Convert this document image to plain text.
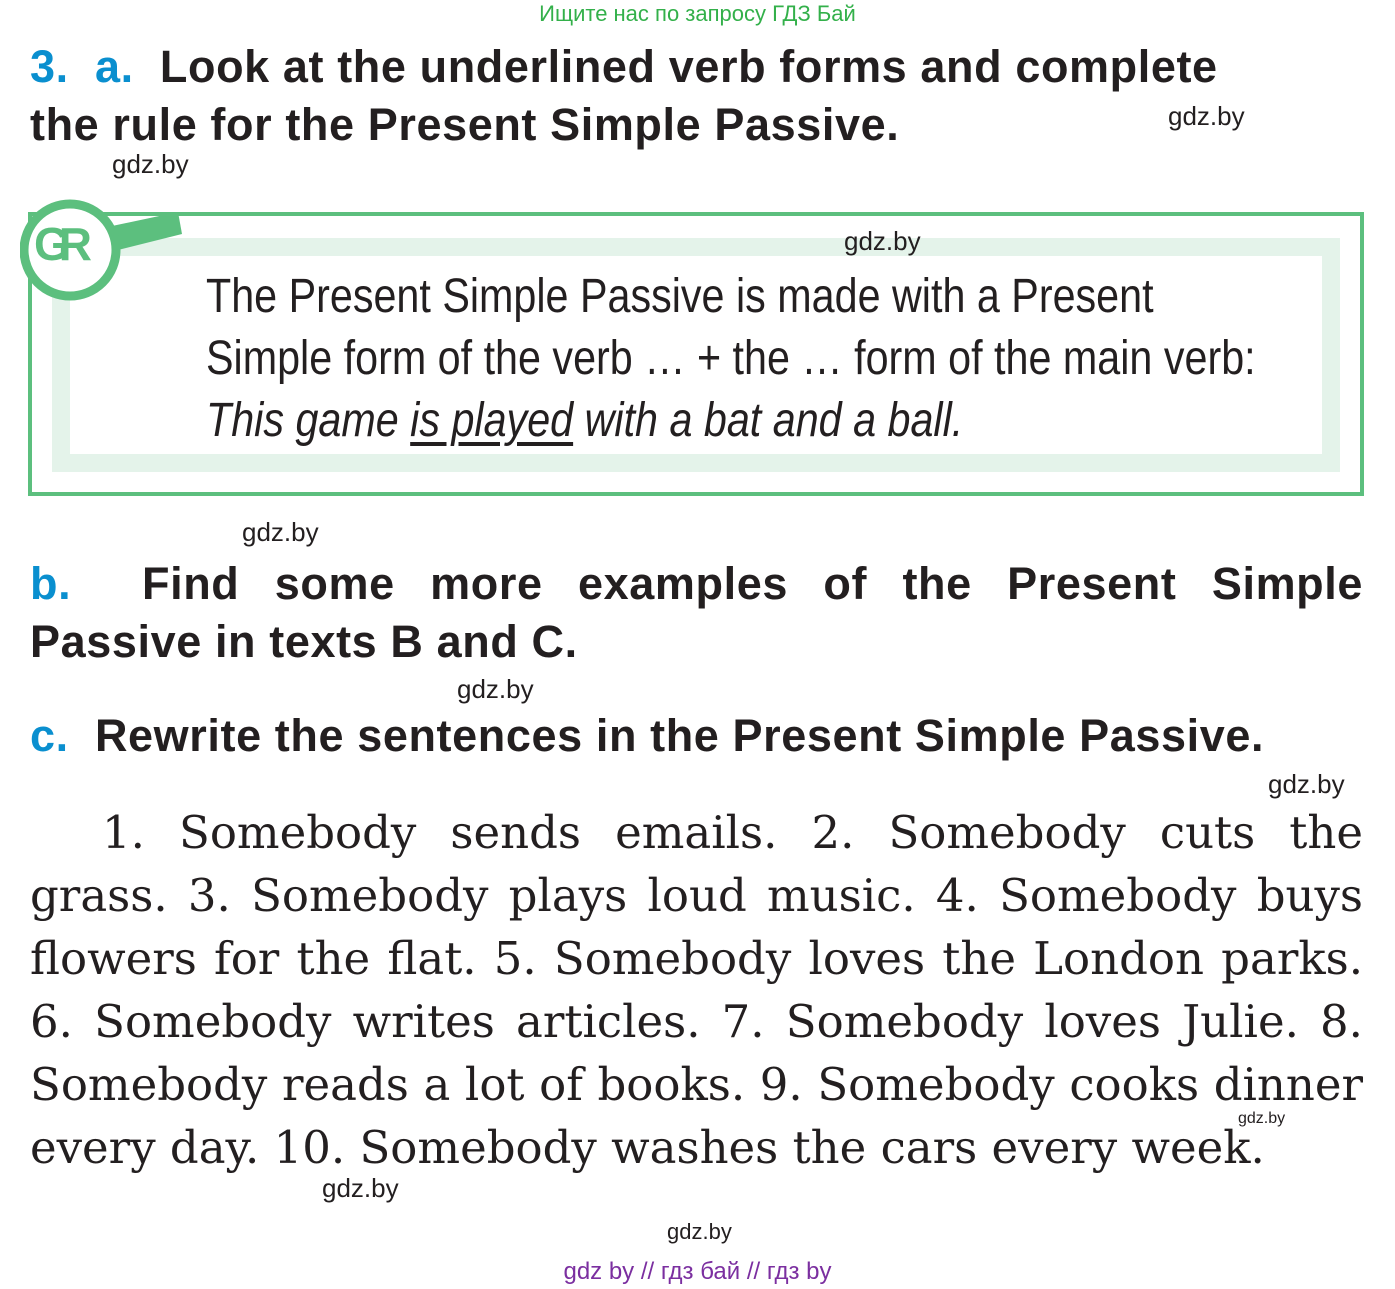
Ищите нас по запросу ГДЗ Бай
3. a. Look at the underlined verb forms and complete
the rule for the Present Simple Passive.	gdz.by
gdz.by
GR	gdz.by
The Present Simple Passive is made with a Present
Simple form of the verb … + the … form of the main verb:
This game is played with a bat and a ball.
gdz.by
b. Find some more examples of the Present Simple
Passive in texts B and C.
gdz.by
c. Rewrite the sentences in the Present Simple Passive.
gdz.by

1. Somebody sends emails. 2. Somebody cuts the grass. 3. Somebody plays loud music. 4. Somebody buys flowers for the flat. 5. Somebody loves the London parks. 6. Somebody writes articles. 7. Somebody loves Julie. 8. Somebody reads a lot of books. 9. Somebody cooks dinner every day. 10. Somebody washes the cars every week.

gdz.by
gdz.by
gdz.by
gdz by // гдз бай // гдз by
